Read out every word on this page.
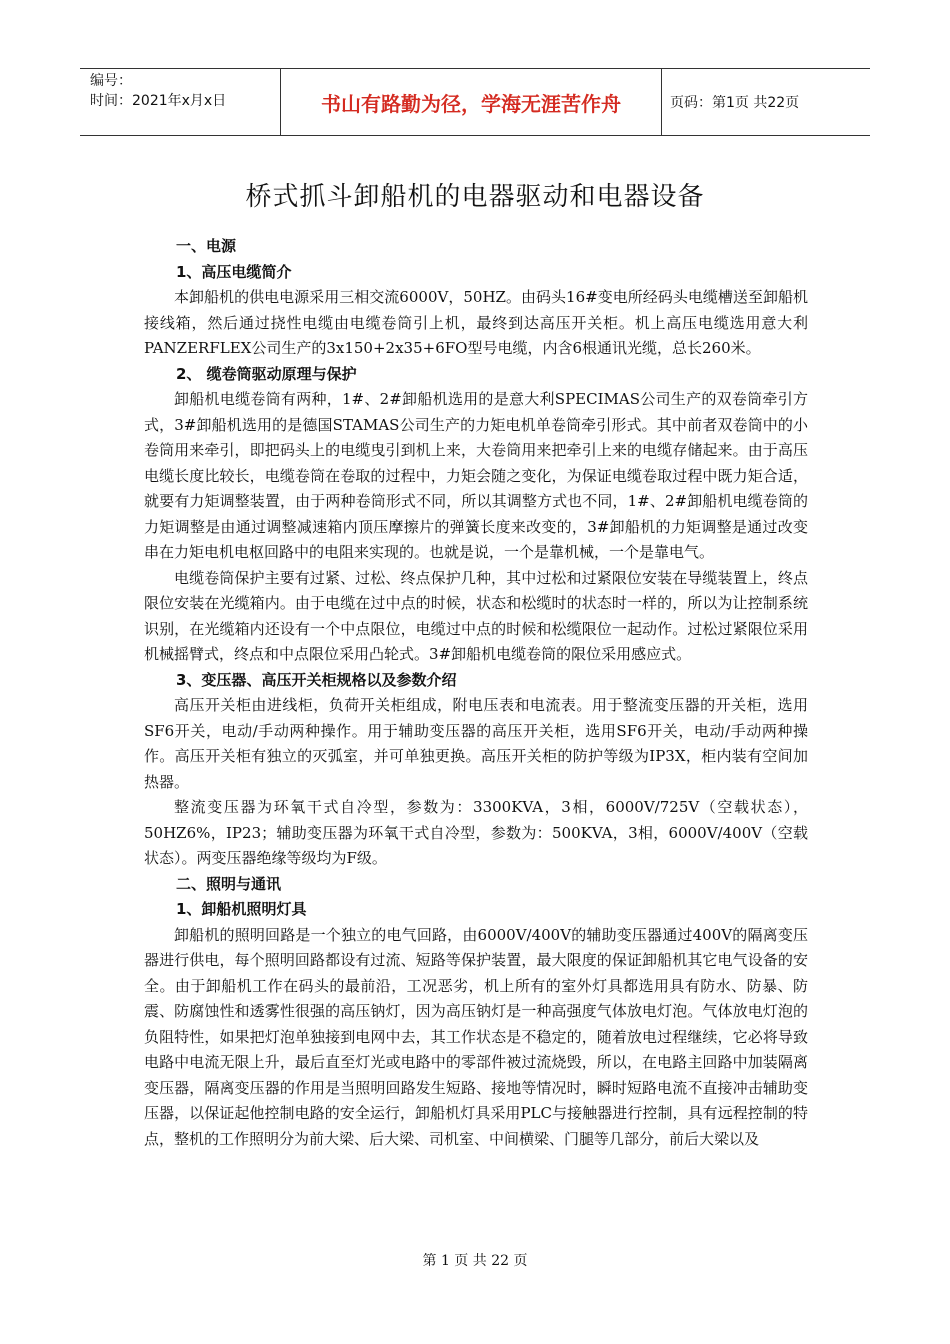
编号：
时间：2021年x月x日	书山有路勤为径，学海无涯苦作舟	页码：第1页 共22页
桥式抓斗卸船机的电器驱动和电器设备
一、电源
1、高压电缆简介

本卸船机的供电电源采用三相交流6000V，50HZ。由码头16#变电所经码头电缆槽送至卸船机接线箱，然后通过挠性电缆由电缆卷筒引上机，最终到达高压开关柜。机上高压电缆选用意大利PANZERFLEX公司生产的3x150+2x35+6FO型号电缆，内含6根通讯光缆，总长260米。

2、 缆卷筒驱动原理与保护

卸船机电缆卷筒有两种，1#、2#卸船机选用的是意大利SPECIMAS公司生产的双卷筒牵引方式，3#卸船机选用的是德国STAMAS公司生产的力矩电机单卷筒牵引形式。其中前者双卷筒中的小卷筒用来牵引，即把码头上的电缆曳引到机上来，大卷筒用来把牵引上来的电缆存储起来。由于高压电缆长度比较长，电缆卷筒在卷取的过程中，力矩会随之变化，为保证电缆卷取过程中既力矩合适，就要有力矩调整装置，由于两种卷筒形式不同，所以其调整方式也不同，1#、2#卸船机电缆卷筒的力矩调整是由通过调整减速箱内顶压摩擦片的弹簧长度来改变的，3#卸船机的力矩调整是通过改变串在力矩电机电枢回路中的电阻来实现的。也就是说，一个是靠机械，一个是靠电气。

电缆卷筒保护主要有过紧、过松、终点保护几种，其中过松和过紧限位安装在导缆装置上，终点限位安装在光缆箱内。由于电缆在过中点的时候，状态和松缆时的状态时一样的，所以为让控制系统识别，在光缆箱内还设有一个中点限位，电缆过中点的时候和松缆限位一起动作。过松过紧限位采用机械摇臂式，终点和中点限位采用凸轮式。3#卸船机电缆卷筒的限位采用感应式。

3、变压器、高压开关柜规格以及参数介绍

高压开关柜由进线柜，负荷开关柜组成，附电压表和电流表。用于整流变压器的开关柜，选用SF6开关，电动/手动两种操作。用于辅助变压器的高压开关柜，选用SF6开关，电动/手动两种操作。高压开关柜有独立的灭弧室，并可单独更换。高压开关柜的防护等级为IP3X，柜内装有空间加热器。

整流变压器为环氧干式自冷型，参数为：3300KVA，3相，6000V/725V（空载状态），50HZ6%，IP23；辅助变压器为环氧干式自冷型，参数为：500KVA，3相，6000V/400V（空载状态）。两变压器绝缘等级均为F级。

二、照明与通讯
1、卸船机照明灯具

卸船机的照明回路是一个独立的电气回路，由6000V/400V的辅助变压器通过400V的隔离变压器进行供电，每个照明回路都设有过流、短路等保护装置，最大限度的保证卸船机其它电气设备的安全。由于卸船机工作在码头的最前沿，工况恶劣，机上所有的室外灯具都选用具有防水、防暴、防震、防腐蚀性和透雾性很强的高压钠灯，因为高压钠灯是一种高强度气体放电灯泡。气体放电灯泡的负阻特性，如果把灯泡单独接到电网中去，其工作状态是不稳定的，随着放电过程继续，它必将导致电路中电流无限上升，最后直至灯光或电路中的零部件被过流烧毁，所以，在电路主回路中加装隔离变压器，隔离变压器的作用是当照明回路发生短路、接地等情况时，瞬时短路电流不直接冲击辅助变压器，以保证起他控制电路的安全运行，卸船机灯具采用PLC与接触器进行控制，具有远程控制的特点，整机的工作照明分为前大梁、后大梁、司机室、中间横梁、门腿等几部分，前后大梁以及

第 1 页 共 22 页
